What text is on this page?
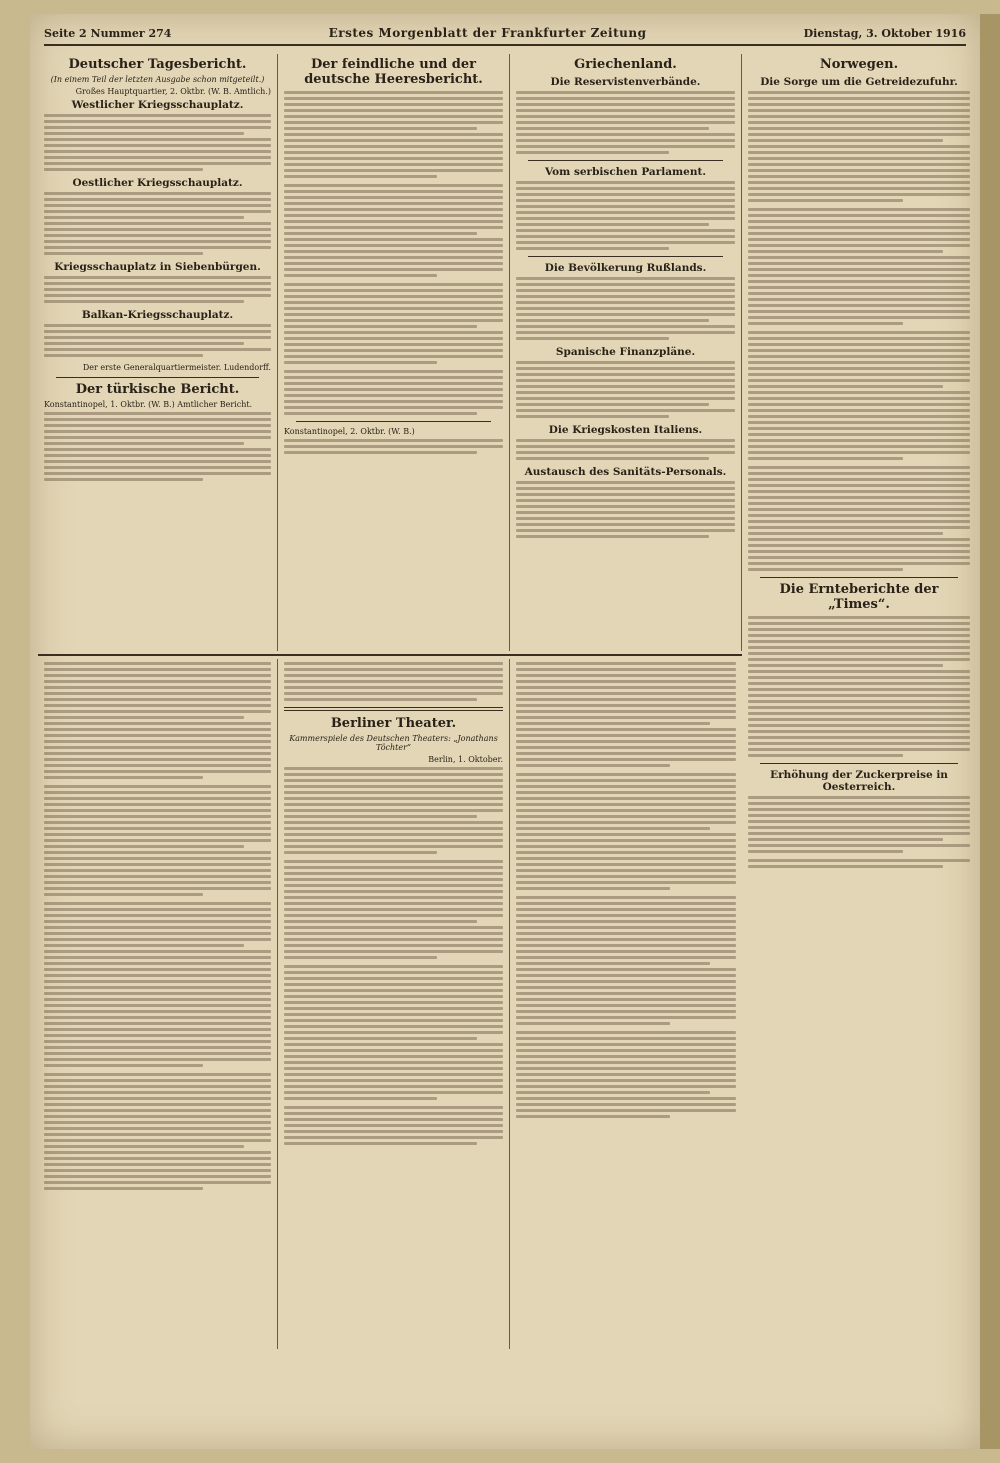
Seite 2 Nummer 274	Erstes Morgenblatt der Frankfurter Zeitung	Dienstag, 3. Oktober 1916
Deutscher Tagesbericht.
(In einem Teil der letzten Ausgabe schon mitgeteilt.)
Großes Hauptquartier, 2. Oktbr. (W. B. Amtlich.)
Westlicher Kriegsschauplatz.
Oestlicher Kriegsschauplatz.
Kriegsschauplatz in Siebenbürgen.
Balkan-Kriegsschauplatz.
Der erste Generalquartiermeister. Ludendorff.
Der türkische Bericht.
Konstantinopel, 1. Oktbr. (W. B.) Amtlicher Bericht.
Der feindliche und der deutsche Heeresbericht.
Konstantinopel, 2. Oktbr. (W. B.)
Griechenland.
Die Reservistenverbände.
Vom serbischen Parlament.
Die Bevölkerung Rußlands.
Spanische Finanzpläne.
Die Kriegskosten Italiens.
Austausch des Sanitäts-Personals.
Norwegen.
Die Sorge um die Getreidezufuhr.
Die Ernteberichte der „Times“.
Erhöhung der Zuckerpreise in Oesterreich.
Berliner Theater.
Kammerspiele des Deutschen Theaters: „Jonathans Töchter“
Berlin, 1. Oktober.
